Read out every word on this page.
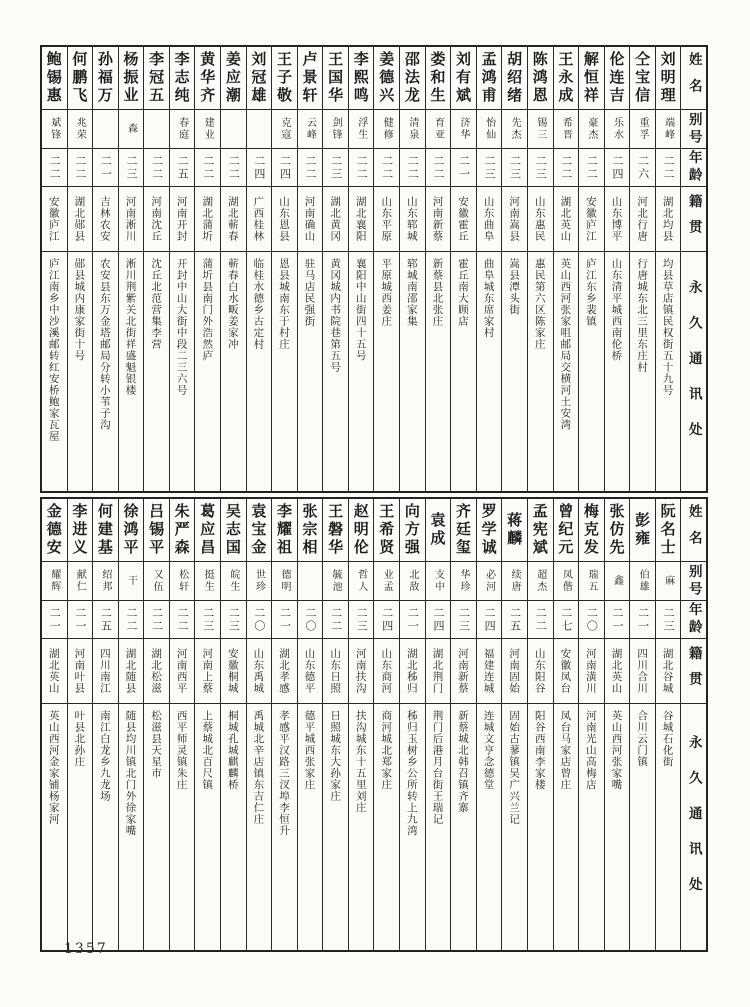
姓名
别号
年龄
籍贯
永久通讯处
刘明理
端峰
二二
湖北均县
均县草店镇民权街五十九号
仝宝信
重孚
二六
河北行唐
行唐城东北三里东庄村
伦连吉
乐水
二四
山东博平
山东清平城西南伦桥
解恒祥
豪杰
二二
安徽庐江
庐江东乡裴镇
王永成
希晋
二二
湖北英山
英山西河张家咀邮局交横河土安湾
陈鸿恩
锡三
二三
山东惠民
惠民第六区陈家庄
胡绍绪
先杰
二三
河南嵩县
嵩县潭头街
孟鸿甫
怡仙
二三
山东曲阜
曲阜城东席家村
刘有斌
济华
二一
安徽霍丘
霍丘南大顾店
娄和生
育亚
二二
河南新蔡
新蔡县北张庄
邵法龙
清泉
二二
山东郓城
郓城南邵家集
姜德兴
健修
二二
山东平原
平原城西姜庄
李熙鸣
浮生
二二
湖北襄阳
襄阳中山街四十五号
王国华
剑锋
二三
湖北黄冈
黄冈城内书院巷第五号
卢景轩
云峰
二二
河南确山
驻马店民强街
王子敬
克寇
二四
山东恩县
恩县城南东于村庄
刘冠雄
二四
广西桂林
临桂水德乡古定村
姜应潮
二二
湖北蕲春
蕲春白水畈姜家冲
黄华齐
建业
二二
湖北蒲圻
蒲圻县南门外浩然庐
李志纯
春庭
二五
河南开封
开封中山大街中段二三六号
李冠五
二二
河南沈丘
沈丘北范营集李营
杨振业
森
二三
河南淅川
淅川荆紫关北街祥盛魁银楼
孙福万
二一
吉林农安
农安县东万金塔邮局分转小苇子沟
何鹏飞
兆荣
二二
湖北郧县
郧县城内康家街十号
鲍锡惠
斌锋
二二
安徽庐江
庐江南乡中沙溪邮转红安桥鲍家瓦屋
姓名
别号
年龄
籍贯
永久通讯处
阮名士
麻
二三
湖北谷城
谷城石化街
彭雍
伯雄
二一
四川合川
合川云门镇
张仿先
鑫
二一
湖北英山
英山西河张家嘴
梅克发
瑞五
二〇
河南潢川
河南光山高梅店
曾纪元
凤偕
二七
安徽凤台
凤台马家店曾庄
孟宪斌
超杰
二二
山东阳谷
阳谷西南李家楼
蒋麟
续唐
二五
河南固始
固始古蓼镇吴广兴兰记
罗学诚
必河
二四
福建连城
连城文亨念德堂
齐廷玺
华珍
二三
河南新蔡
新蔡城北韩召镇齐寨
袁成
支中
二四
湖北荆门
荆门后港月台街王瑞记
向方强
北敌
二一
湖北秭归
秭归玉树乡公所转上九湾
王希贤
业孟
二四
山东商河
商河城北郑家庄
赵明伦
哲人
二三
河南扶沟
扶沟城东十五里刘庄
王磐华
毓池
二二
山东日照
日照城东大孙家庄
张宗相
二〇
山东德平
德平城西张家庄
李耀祖
德明
二一
湖北孝感
孝感平汉路三汊埠李恒升
袁宝金
世珍
二〇
山东禹城
禹城北辛店镇东吉仁庄
吴志国
皖生
二三
安徽桐城
桐城孔城麒麟桥
葛应昌
挺生
二三
河南上蔡
上蔡城北百尺镇
朱严森
松轩
二二
河南西平
西平师灵镇朱庄
吕锡平
又伍
二二
湖北松滋
松滋县天星市
徐鸿平
干
二二
湖北随县
随县均川镇北门外徐家嘴
何建基
绍邦
二五
四川南江
南江白龙乡九龙场
李进义
献仁
二一
河南叶县
叶县北孙庄
金德安
耀辉
二一
湖北英山
英山西河金家铺杨家河
1357
